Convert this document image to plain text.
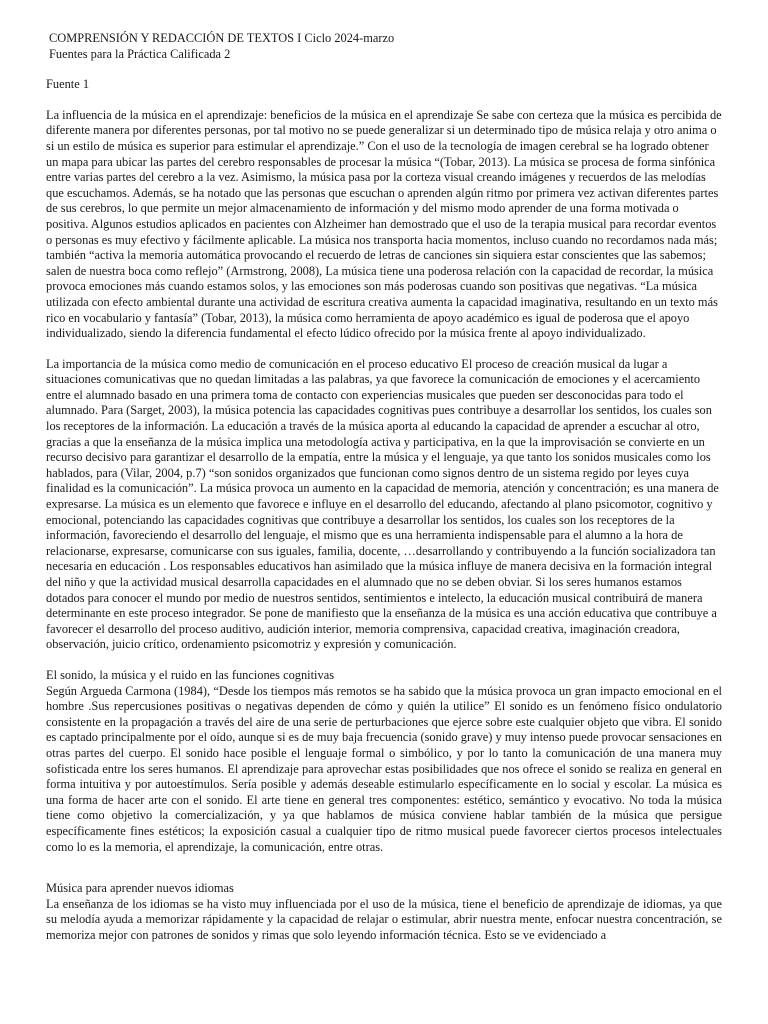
COMPRENSIÓN Y REDACCIÓN DE TEXTOS I Ciclo 2024-marzo

Fuentes para la Práctica Calificada 2

Fuente 1

La influencia de la música en el aprendizaje: beneficios de la música en el aprendizaje Se sabe con certeza que la música es percibida de diferente manera por diferentes personas, por tal motivo no se puede generalizar si un determinado tipo de música relaja y otro anima o si un estilo de música es superior para estimular el aprendizaje.” Con el uso de la tecnología de imagen cerebral se ha logrado obtener un mapa para ubicar las partes del cerebro responsables de procesar la música “(Tobar, 2013). La música se procesa de forma sinfónica entre varias partes del cerebro a la vez. Asimismo, la música pasa por la corteza visual creando imágenes y recuerdos de las melodías que escuchamos. Además, se ha notado que las personas que escuchan o aprenden algún ritmo por primera vez activan diferentes partes de sus cerebros, lo que permite un mejor almacenamiento de información y del mismo modo aprender de una forma motivada o positiva. Algunos estudios aplicados en pacientes con Alzheimer han demostrado que el uso de la terapia musical para recordar eventos o personas es muy efectivo y fácilmente aplicable. La música nos transporta hacia momentos, incluso cuando no recordamos nada más; también “activa la memoria automática provocando el recuerdo de letras de canciones sin siquiera estar conscientes que las sabemos; salen de nuestra boca como reflejo” (Armstrong, 2008), La música tiene una poderosa relación con la capacidad de recordar, la música provoca emociones más cuando estamos solos, y las emociones son más poderosas cuando son positivas que negativas. “La música utilizada con efecto ambiental durante una actividad de escritura creativa aumenta la capacidad imaginativa, resultando en un texto más rico en vocabulario y fantasía” (Tobar, 2013), la música como herramienta de apoyo académico es igual de poderosa que el apoyo individualizado, siendo la diferencia fundamental el efecto lúdico ofrecido por la música frente al apoyo individualizado.

La importancia de la música como medio de comunicación en el proceso educativo El proceso de creación musical da lugar a situaciones comunicativas que no quedan limitadas a las palabras, ya que favorece la comunicación de emociones y el acercamiento entre el alumnado basado en una primera toma de contacto con experiencias musicales que pueden ser desconocidas para todo el alumnado. Para (Sarget, 2003), la música potencia las capacidades cognitivas pues contribuye a desarrollar los sentidos, los cuales son los receptores de la información. La educación a través de la música aporta al educando la capacidad de aprender a escuchar al otro, gracias a que la enseñanza de la música implica una metodología activa y participativa, en la que la improvisación se convierte en un recurso decisivo para garantizar el desarrollo de la empatía, entre la música y el lenguaje, ya que tanto los sonidos musicales como los hablados, para (Vilar, 2004, p.7) “son sonidos organizados que funcionan como signos dentro de un sistema regido por leyes cuya finalidad es la comunicación”. La música provoca un aumento en la capacidad de memoria, atención y concentración; es una manera de expresarse. La música es un elemento que favorece e influye en el desarrollo del educando, afectando al plano psicomotor, cognitivo y emocional, potenciando las capacidades cognitivas que contribuye a desarrollar los sentidos, los cuales son los receptores de la información, favoreciendo el desarrollo del lenguaje, el mismo que es una herramienta indispensable para el alumno a la hora de relacionarse, expresarse, comunicarse con sus iguales, familia, docente, …desarrollando y contribuyendo a la función socializadora tan necesaria en educación . Los responsables educativos han asimilado que la música influye de manera decisiva en la formación integral del niño y que la actividad musical desarrolla capacidades en el alumnado que no se deben obviar. Si los seres humanos estamos dotados para conocer el mundo por medio de nuestros sentidos, sentimientos e intelecto, la educación musical contribuirá de manera determinante en este proceso integrador. Se pone de manifiesto que la enseñanza de la música es una acción educativa que contribuye a favorecer el desarrollo del proceso auditivo, audición interior, memoria comprensiva, capacidad creativa, imaginación creadora, observación, juicio crítico, ordenamiento psicomotriz y expresión y comunicación.

El sonido, la música y el ruido en las funciones cognitivas

Según Argueda Carmona (1984), “Desde los tiempos más remotos se ha sabido que la música provoca un gran impacto emocional en el hombre .Sus repercusiones positivas o negativas dependen de cómo y quién la utilice” El sonido es un fenómeno físico ondulatorio consistente en la propagación a través del aire de una serie de perturbaciones que ejerce sobre este cualquier objeto que vibra. El sonido es captado principalmente por el oído, aunque si es de muy baja frecuencia (sonido grave) y muy intenso puede provocar sensaciones en otras partes del cuerpo. El sonido hace posible el lenguaje formal o simbólico, y por lo tanto la comunicación de una manera muy sofisticada entre los seres humanos. El aprendizaje para aprovechar estas posibilidades que nos ofrece el sonido se realiza en general en forma intuitiva y por autoestímulos. Sería posible y además deseable estimularlo específicamente en lo social y escolar. La música es una forma de hacer arte con el sonido. El arte tiene en general tres componentes: estético, semántico y evocativo. No toda la música tiene como objetivo la comercialización, y ya que hablamos de música conviene hablar también de la música que persigue específicamente fines estéticos; la exposición casual a cualquier tipo de ritmo musical puede favorecer ciertos procesos intelectuales como lo es la memoria, el aprendizaje, la comunicación, entre otras.

Música para aprender nuevos idiomas

La enseñanza de los idiomas se ha visto muy influenciada por el uso de la música, tiene el beneficio de aprendizaje de idiomas, ya que su melodía ayuda a memorizar rápidamente y la capacidad de relajar o estimular, abrir nuestra mente, enfocar nuestra concentración, se memoriza mejor con patrones de sonidos y rimas que solo leyendo información técnica. Esto se ve evidenciado a
